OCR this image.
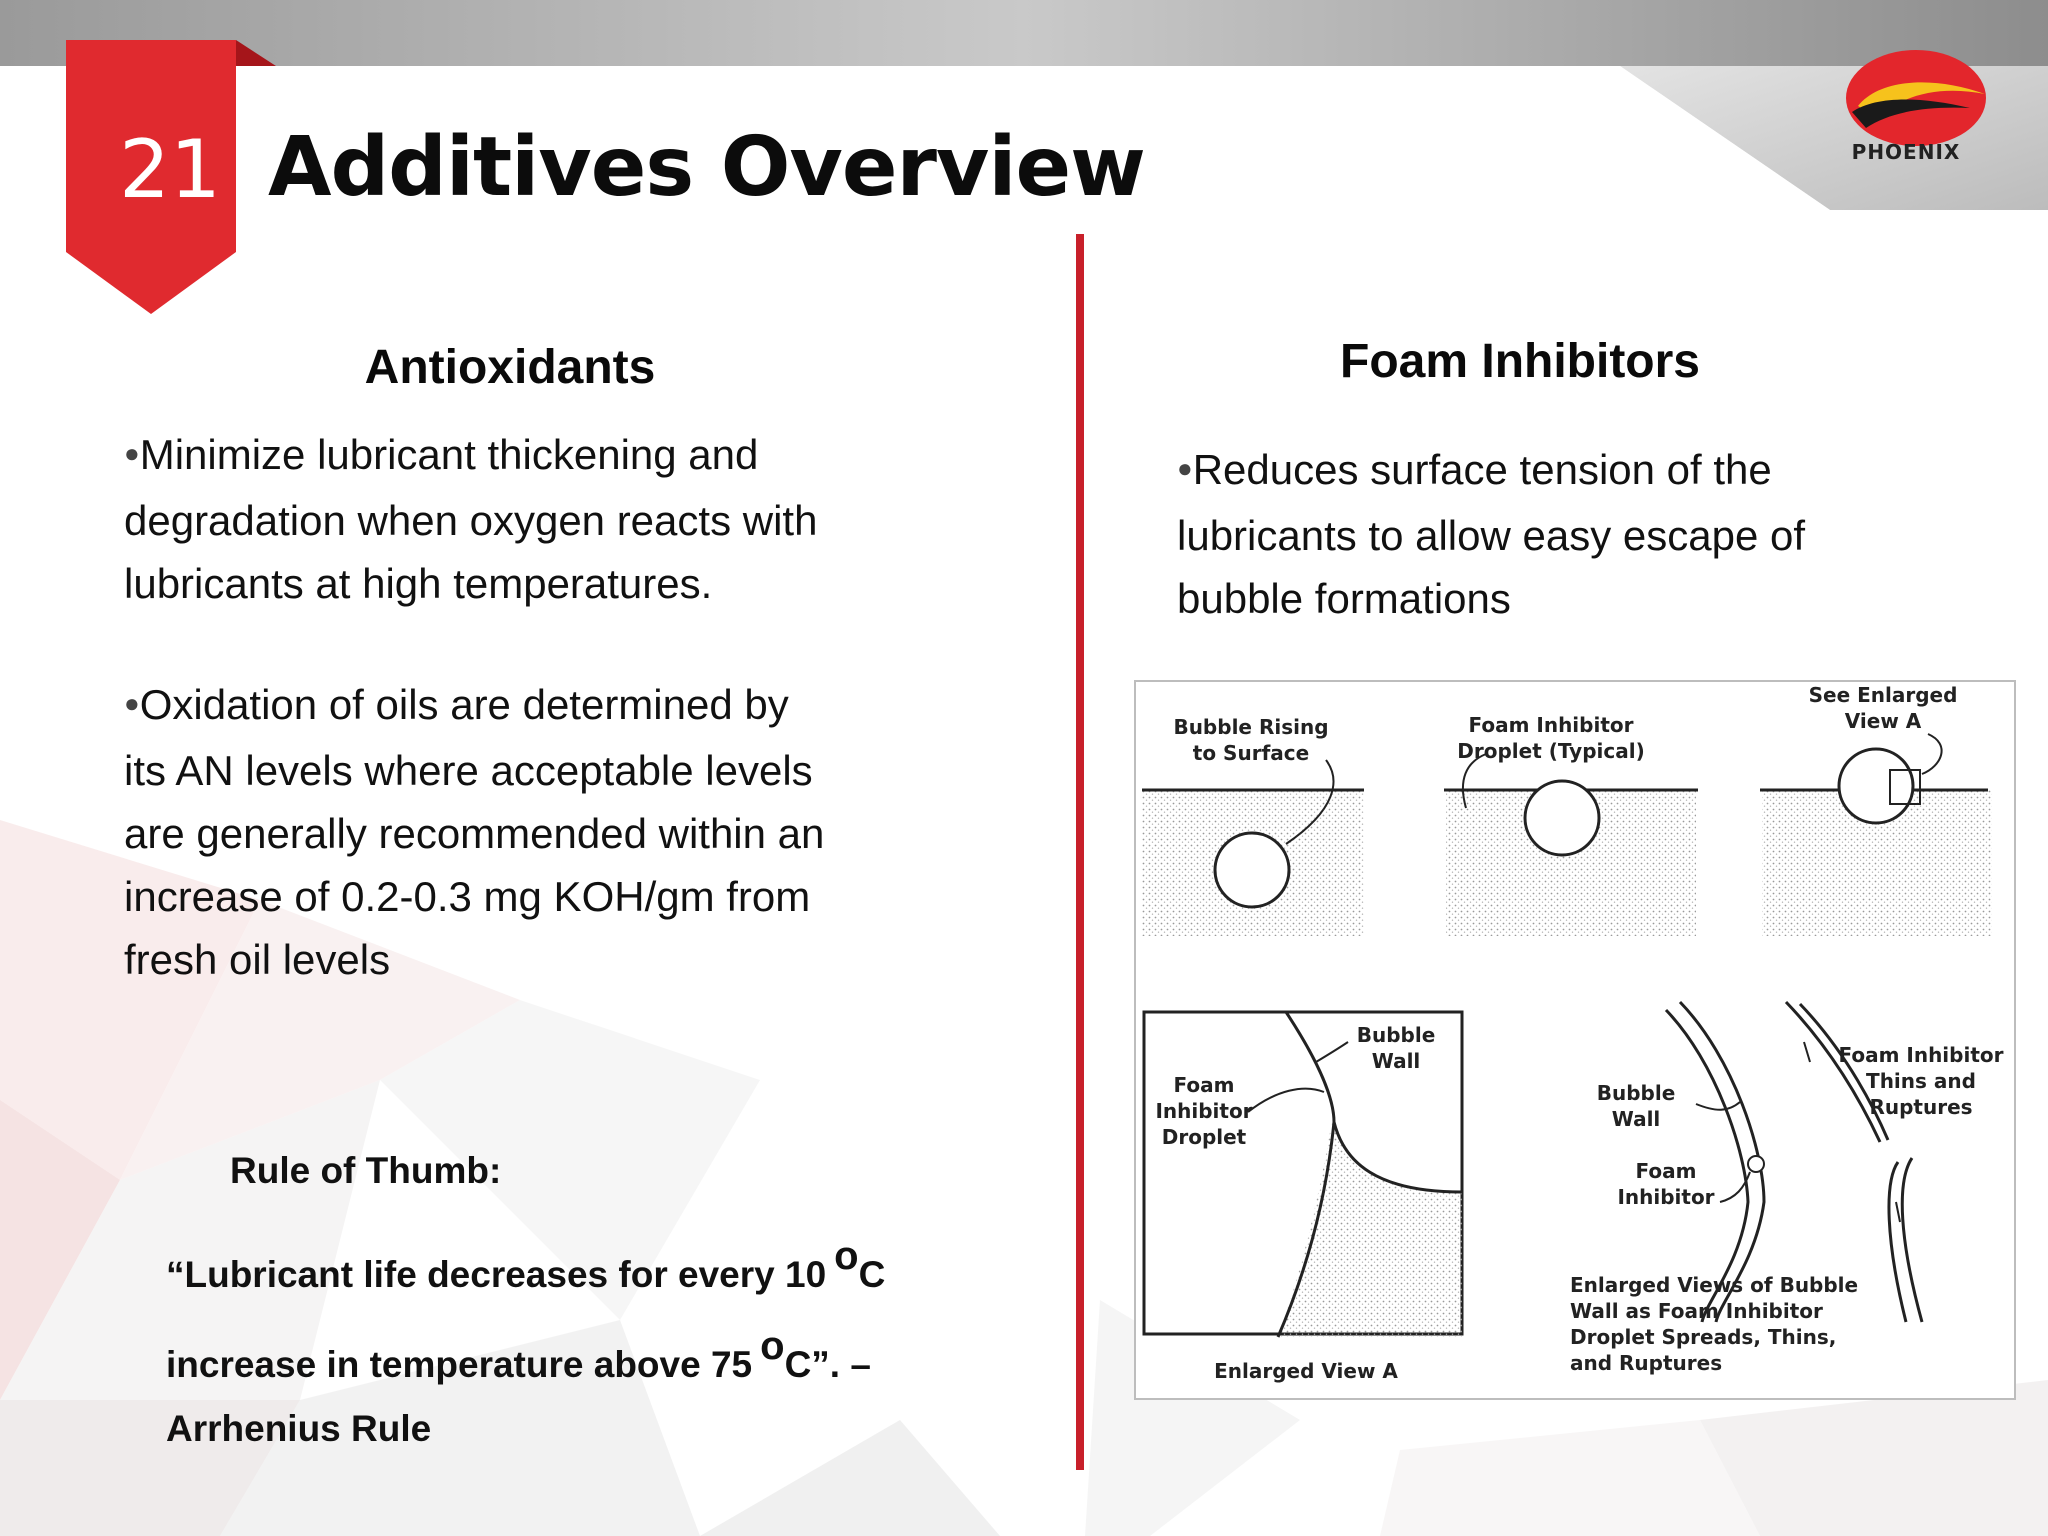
21 Additives Overview	PHOENIX
Antioxidants
●Minimize lubricant thickening and
degradation when oxygen reacts with
lubricants at high temperatures.
●Oxidation of oils are determined by
its AN levels where acceptable levels
are generally recommended within an
increase of 0.2-0.3 mg KOH/gm from
fresh oil levels
Rule of Thumb:
“Lubricant life decreases for every 10 $^o$C
increase in temperature above 75 $^o$C”. –
Arrhenius Rule
Foam Inhibitors
●Reduces surface tension of the
lubricants to allow easy escape of
bubble formations
Bubble Rising
to Surface
Foam Inhibitor
Droplet (Typical)
See Enlarged
View A
Bubble
Wall
Foam
Inhibitor
Droplet
Enlarged View A
Bubble
Wall
Foam
Inhibitor
Foam Inhibitor
Thins and
Ruptures
Enlarged Views of Bubble
Wall as Foam Inhibitor
Droplet Spreads, Thins,
and Ruptures
